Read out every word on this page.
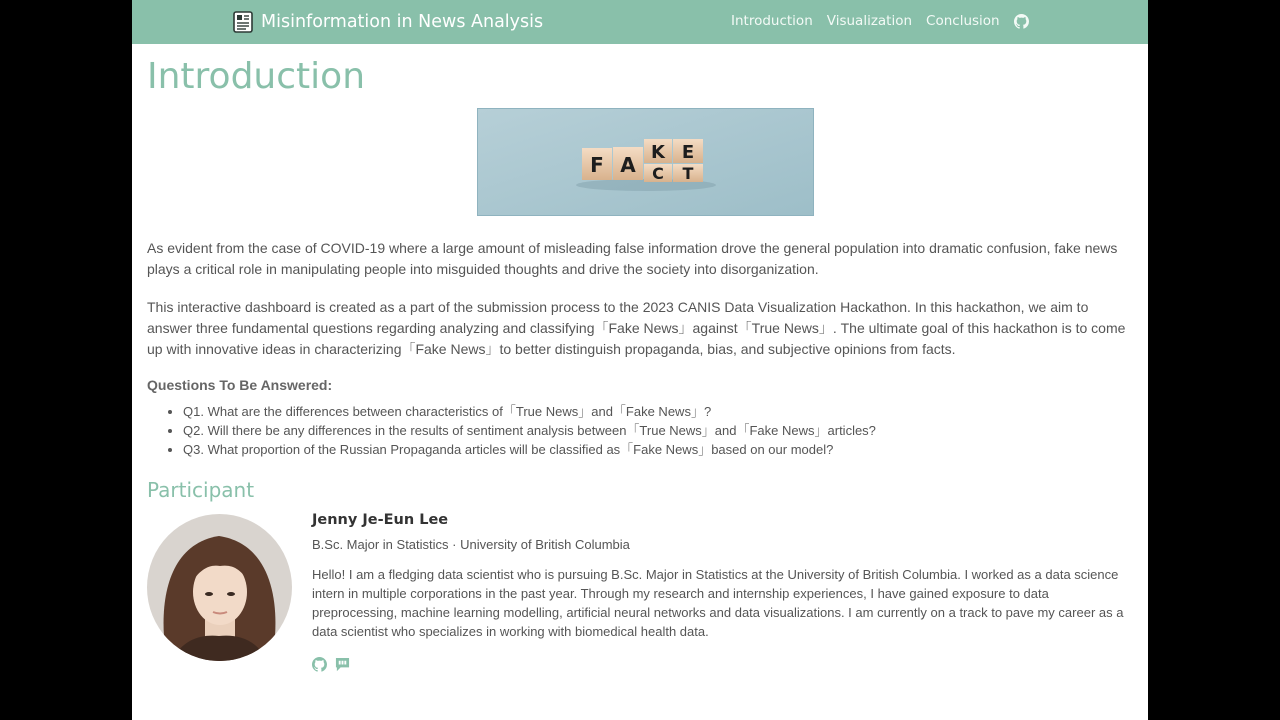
Misinformation in News Analysis	Introduction Visualization Conclusion
Introduction
F A
K E
C T
As evident from the case of COVID-19 where a large amount of misleading false information drove the general population into dramatic confusion, fake news plays a critical role in manipulating people into misguided thoughts and drive the society into disorganization.
This interactive dashboard is created as a part of the submission process to the 2023 CANIS Data Visualization Hackathon. In this hackathon, we aim to answer three fundamental questions regarding analyzing and classifying「Fake News」against「True News」. The ultimate goal of this hackathon is to come up with innovative ideas in characterizing「Fake News」to better distinguish propaganda, bias, and subjective opinions from facts.
Questions To Be Answered:
• Q1. What are the differences between characteristics of「True News」and「Fake News」?
• Q2. Will there be any differences in the results of sentiment analysis between「True News」and「Fake News」articles?
• Q3. What proportion of the Russian Propaganda articles will be classified as「Fake News」based on our model?
Participant
Jenny Je-Eun Lee
B.Sc. Major in Statistics · University of British Columbia
Hello! I am a fledging data scientist who is pursuing B.Sc. Major in Statistics at the University of British Columbia. I worked as a data science intern in multiple corporations in the past year. Through my research and internship experiences, I have gained exposure to data preprocessing, machine learning modelling, artificial neural networks and data visualizations. I am currently on a track to pave my career as a data scientist who specializes in working with biomedical health data.
